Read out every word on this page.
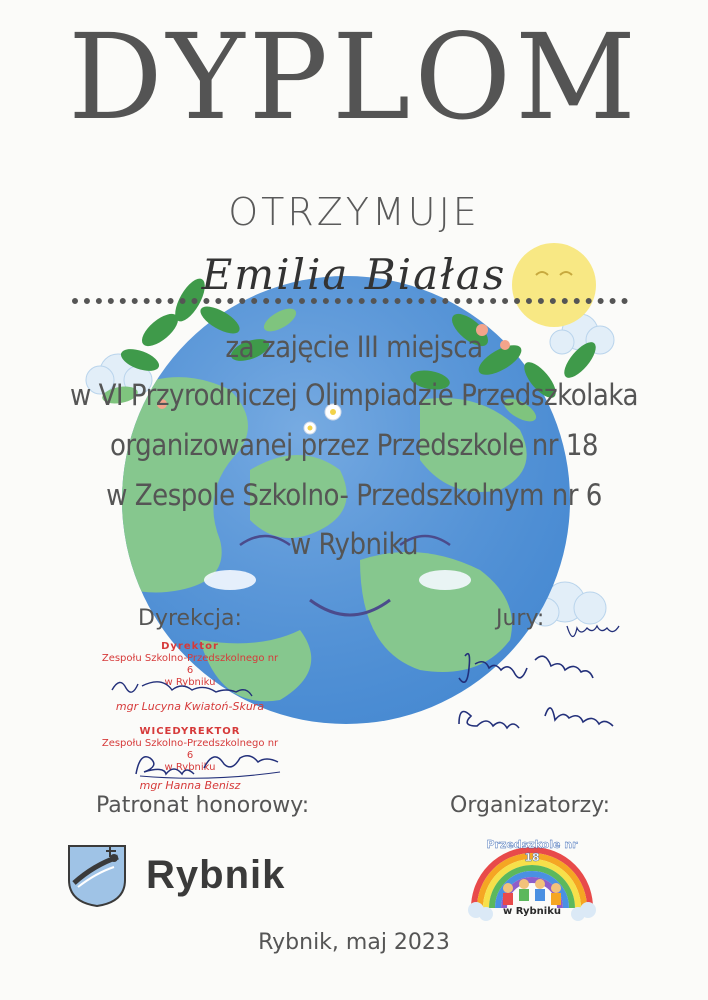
DYPLOM
OTRZYMUJE
Emilia Białas
za zajęcie III miejsca
w VI Przyrodniczej Olimpiadzie Przedszkolaka
organizowanej przez Przedszkole nr 18
w Zespole Szkolno- Przedszkolnym nr 6
w Rybniku
Dyrekcja:	Jury:
Dyrektor
Zespołu Szkolno-Przedszkolnego nr 6
w Rybniku
mgr Lucyna Kwiatoń-Skura
WICEDYREKTOR
Zespołu Szkolno-Przedszkolnego nr 6
w Rybniku
mgr Hanna Benisz
Patronat honorowy:	Organizatorzy:
Rybnik
Przedszkole nr 18
w Rybniku
Rybnik, maj 2023
